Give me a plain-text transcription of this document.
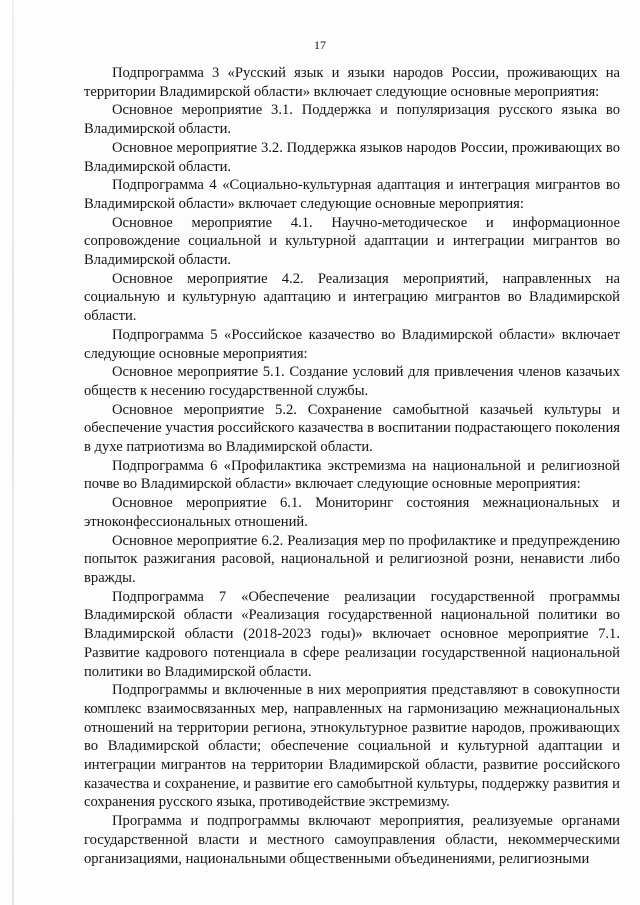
17

Подпрограмма 3 «Русский язык и языки народов России, проживающих на территории Владимирской области» включает следующие основные мероприятия:

Основное мероприятие 3.1. Поддержка и популяризация русского языка во Владимирской области.

Основное мероприятие 3.2. Поддержка языков народов России, проживающих во Владимирской области.

Подпрограмма 4 «Социально-культурная адаптация и интеграция мигрантов во Владимирской области» включает следующие основные мероприятия:

Основное мероприятие 4.1. Научно-методическое и информационное сопровождение социальной и культурной адаптации и интеграции мигрантов во Владимирской области.

Основное мероприятие 4.2. Реализация мероприятий, направленных на социальную и культурную адаптацию и интеграцию мигрантов во Владимирской области.

Подпрограмма 5 «Российское казачество во Владимирской области» включает следующие основные мероприятия:

Основное мероприятие 5.1. Создание условий для привлечения членов казачьих обществ к несению государственной службы.

Основное мероприятие 5.2. Сохранение самобытной казачьей культуры и обеспечение участия российского казачества в воспитании подрастающего поколения в духе патриотизма во Владимирской области.

Подпрограмма 6 «Профилактика экстремизма на национальной и религиозной почве во Владимирской области» включает следующие основные мероприятия:

Основное мероприятие 6.1. Мониторинг состояния межнациональных и этноконфессиональных отношений.

Основное мероприятие 6.2. Реализация мер по профилактике и предупреждению попыток разжигания расовой, национальной и религиозной розни, ненависти либо вражды.

Подпрограмма 7 «Обеспечение реализации государственной программы Владимирской области «Реализация государственной национальной политики во Владимирской области (2018-2023 годы)» включает основное мероприятие 7.1. Развитие кадрового потенциала в сфере реализации государственной национальной политики во Владимирской области.

Подпрограммы и включенные в них мероприятия представляют в совокупности комплекс взаимосвязанных мер, направленных на гармонизацию межнациональных отношений на территории региона, этнокультурное развитие народов, проживающих во Владимирской области; обеспечение социальной и культурной адаптации и интеграции мигрантов на территории Владимирской области, развитие российского казачества и сохранение, и развитие его самобытной культуры, поддержку развития и сохранения русского языка, противодействие экстремизму.

Программа и подпрограммы включают мероприятия, реализуемые органами государственной власти и местного самоуправления области, некоммерческими организациями, национальными общественными объединениями, религиозными
